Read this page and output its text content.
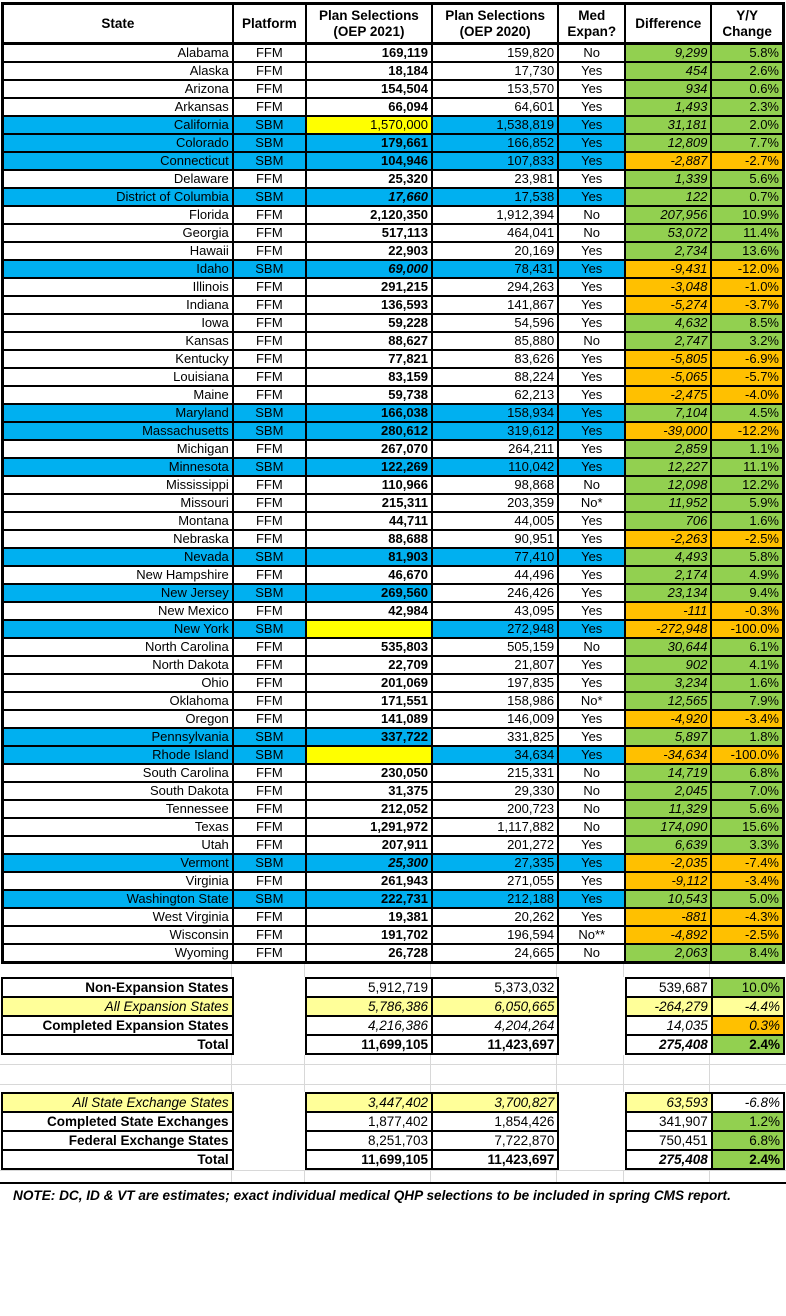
State	Platform	Plan Selections (OEP 2021)	Plan Selections (OEP 2020)	Med Expan?	Difference	Y/Y Change
Alabama	FFM	169,119	159,820	No	9,299	5.8%
Alaska	FFM	18,184	17,730	Yes	454	2.6%
Arizona	FFM	154,504	153,570	Yes	934	0.6%
Arkansas	FFM	66,094	64,601	Yes	1,493	2.3%
California	SBM	1,570,000	1,538,819	Yes	31,181	2.0%
Colorado	SBM	179,661	166,852	Yes	12,809	7.7%
Connecticut	SBM	104,946	107,833	Yes	-2,887	-2.7%
Delaware	FFM	25,320	23,981	Yes	1,339	5.6%
District of Columbia	SBM	17,660	17,538	Yes	122	0.7%
Florida	FFM	2,120,350	1,912,394	No	207,956	10.9%
Georgia	FFM	517,113	464,041	No	53,072	11.4%
Hawaii	FFM	22,903	20,169	Yes	2,734	13.6%
Idaho	SBM	69,000	78,431	Yes	-9,431	-12.0%
Illinois	FFM	291,215	294,263	Yes	-3,048	-1.0%
Indiana	FFM	136,593	141,867	Yes	-5,274	-3.7%
Iowa	FFM	59,228	54,596	Yes	4,632	8.5%
Kansas	FFM	88,627	85,880	No	2,747	3.2%
Kentucky	FFM	77,821	83,626	Yes	-5,805	-6.9%
Louisiana	FFM	83,159	88,224	Yes	-5,065	-5.7%
Maine	FFM	59,738	62,213	Yes	-2,475	-4.0%
Maryland	SBM	166,038	158,934	Yes	7,104	4.5%
Massachusetts	SBM	280,612	319,612	Yes	-39,000	-12.2%
Michigan	FFM	267,070	264,211	Yes	2,859	1.1%
Minnesota	SBM	122,269	110,042	Yes	12,227	11.1%
Mississippi	FFM	110,966	98,868	No	12,098	12.2%
Missouri	FFM	215,311	203,359	No*	11,952	5.9%
Montana	FFM	44,711	44,005	Yes	706	1.6%
Nebraska	FFM	88,688	90,951	Yes	-2,263	-2.5%
Nevada	SBM	81,903	77,410	Yes	4,493	5.8%
New Hampshire	FFM	46,670	44,496	Yes	2,174	4.9%
New Jersey	SBM	269,560	246,426	Yes	23,134	9.4%
New Mexico	FFM	42,984	43,095	Yes	-111	-0.3%
New York	SBM		272,948	Yes	-272,948	-100.0%
North Carolina	FFM	535,803	505,159	No	30,644	6.1%
North Dakota	FFM	22,709	21,807	Yes	902	4.1%
Ohio	FFM	201,069	197,835	Yes	3,234	1.6%
Oklahoma	FFM	171,551	158,986	No*	12,565	7.9%
Oregon	FFM	141,089	146,009	Yes	-4,920	-3.4%
Pennsylvania	SBM	337,722	331,825	Yes	5,897	1.8%
Rhode Island	SBM		34,634	Yes	-34,634	-100.0%
South Carolina	FFM	230,050	215,331	No	14,719	6.8%
South Dakota	FFM	31,375	29,330	No	2,045	7.0%
Tennessee	FFM	212,052	200,723	No	11,329	5.6%
Texas	FFM	1,291,972	1,117,882	No	174,090	15.6%
Utah	FFM	207,911	201,272	Yes	6,639	3.3%
Vermont	SBM	25,300	27,335	Yes	-2,035	-7.4%
Virginia	FFM	261,943	271,055	Yes	-9,112	-3.4%
Washington State	SBM	222,731	212,188	Yes	10,543	5.0%
West Virginia	FFM	19,381	20,262	Yes	-881	-4.3%
Wisconsin	FFM	191,702	196,594	No**	-4,892	-2.5%
Wyoming	FFM	26,728	24,665	No	2,063	8.4%
Non-Expansion States		5,912,719	5,373,032		539,687	10.0%
All Expansion States		5,786,386	6,050,665		-264,279	-4.4%
Completed Expansion States		4,216,386	4,204,264		14,035	0.3%
Total		11,699,105	11,423,697		275,408	2.4%
All State Exchange States		3,447,402	3,700,827		63,593	-6.8%
Completed State Exchanges		1,877,402	1,854,426		341,907	1.2%
Federal Exchange States		8,251,703	7,722,870		750,451	6.8%
Total		11,699,105	11,423,697		275,408	2.4%
NOTE: DC, ID & VT are estimates; exact individual medical QHP selections to be included in spring CMS report.
